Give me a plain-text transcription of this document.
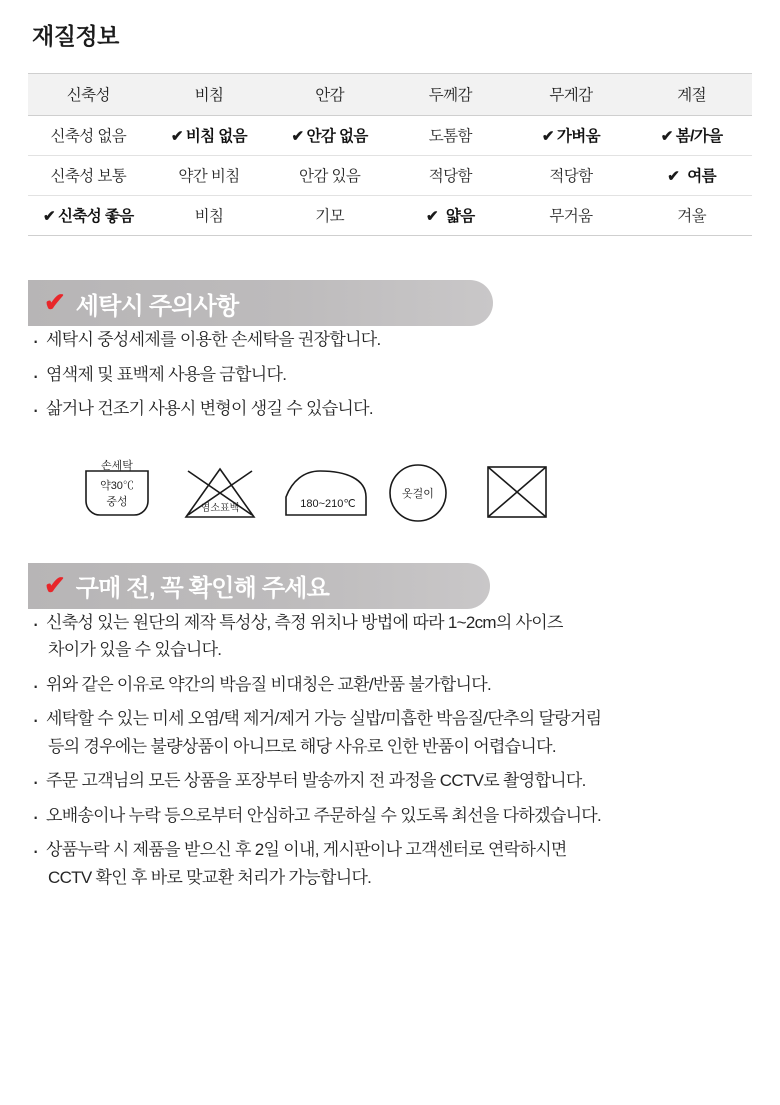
재질정보
신축성	비침	안감	두께감	무게감	계절
신축성 없음	✔ 비침 없음	✔ 안감 없음	도톰함	✔ 가벼움	✔ 봄/가을
신축성 보통	약간 비침	안감 있음	적당함	적당함	✔ 여름
✔ 신축성 좋음	비침	기모	✔ 얇음	무거움	겨울
✔ 세탁시 주의사항
· 세탁시 중성세제를 이용한 손세탁을 권장합니다.
· 염색제 및 표백제 사용을 금합니다.
· 삶거나 건조기 사용시 변형이 생길 수 있습니다.
손세탁
약30℃
중성
염소표백	180~210℃
옷걸이
✔ 구매 전, 꼭 확인해 주세요
· 신축성 있는 원단의 제작 특성상, 측정 위치나 방법에 따라 1~2cm의 사이즈
차이가 있을 수 있습니다.
· 위와 같은 이유로 약간의 박음질 비대칭은 교환/반품 불가합니다.
· 세탁할 수 있는 미세 오염/택 제거/제거 가능 실밥/미흡한 박음질/단추의 달랑거림
등의 경우에는 불량상품이 아니므로 해당 사유로 인한 반품이 어렵습니다.
· 주문 고객님의 모든 상품을 포장부터 발송까지 전 과정을 CCTV로 촬영합니다.
· 오배송이나 누락 등으로부터 안심하고 주문하실 수 있도록 최선을 다하겠습니다.
· 상품누락 시 제품을 받으신 후 2일 이내, 게시판이나 고객센터로 연락하시면
CCTV 확인 후 바로 맞교환 처리가 가능합니다.
